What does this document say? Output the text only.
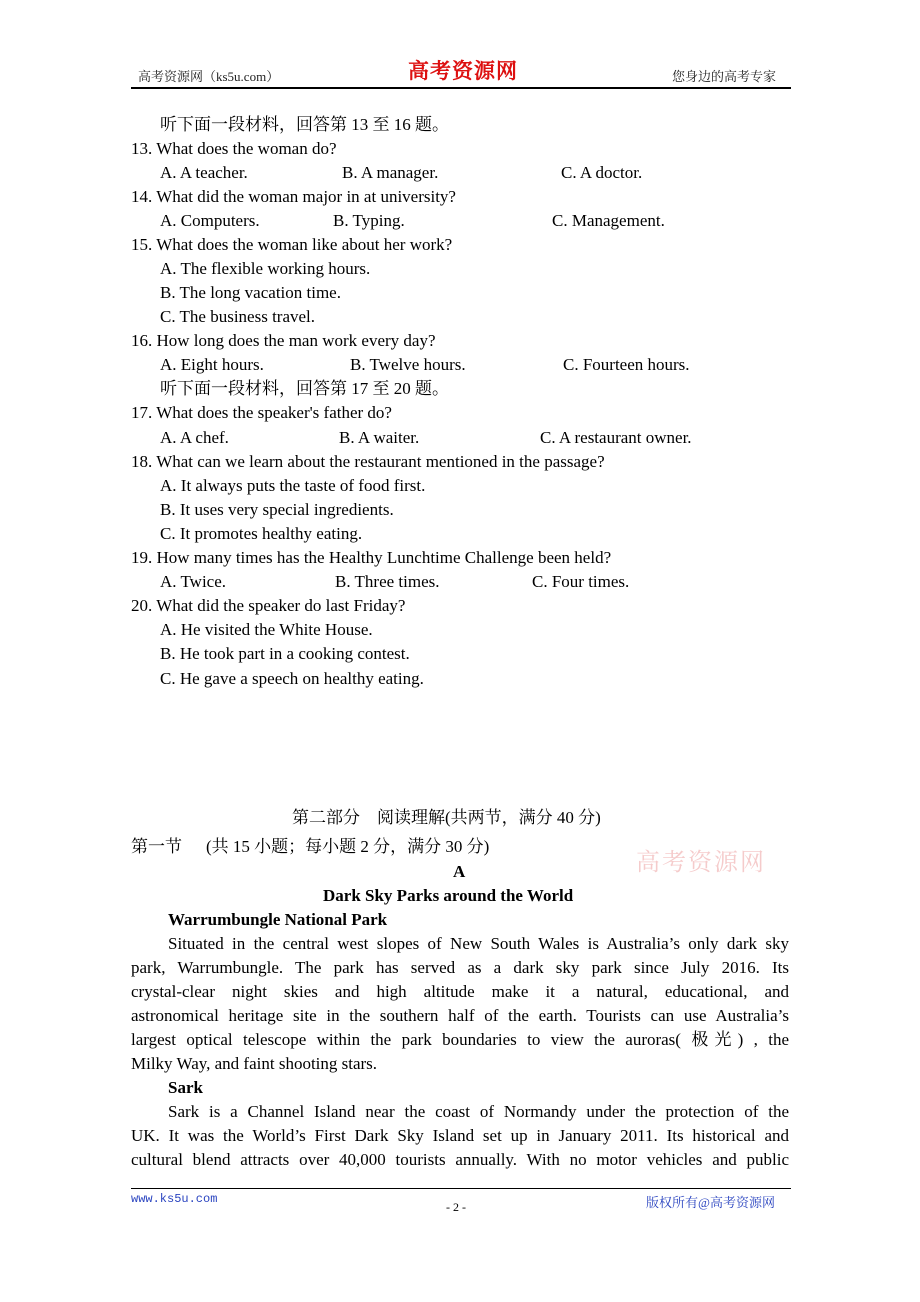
高考资源网（ks5u.com）	高考资源网	您身边的高考专家
听下面一段材料，回答第 13 至 16 题。
13. What does the woman do?
A. A teacher.	B. A manager.	C. A doctor.
14. What did the woman major in at university?
A. Computers.	B. Typing.	C. Management.
15. What does the woman like about her work?
A. The flexible working hours.
B. The long vacation time.
C. The business travel.
16. How long does the man work every day?
A. Eight hours.	B. Twelve hours.	C. Fourteen hours.
听下面一段材料，回答第 17 至 20 题。
17. What does the speaker's father do?
A. A chef.	B. A waiter.	C. A restaurant owner.
18. What can we learn about the restaurant mentioned in the passage?
A. It always puts the taste of food first.
B. It uses very special ingredients.
C. It promotes healthy eating.
19. How many times has the Healthy Lunchtime Challenge been held?
A. Twice.	B. Three times.	C. Four times.
20. What did the speaker do last Friday?
A. He visited the White House.
B. He took part in a cooking contest.
C. He gave a speech on healthy eating.
第二部分　阅读理解(共两节，满分 40 分)
第一节 (共 15 小题；每小题 2 分，满分 30 分)
高考资源网
A
Dark Sky Parks around the World
Warrumbungle National Park
Situated in the central west slopes of New South Wales is Australia’s only dark sky
park, Warrumbungle. The park has served as a dark sky park since July 2016. Its
crystal-clear night skies and high altitude make it a natural, educational, and
astronomical heritage site in the southern half of the earth. Tourists can use Australia’s
largest optical telescope within the park boundaries to view the auroras( 极光) , the
Milky Way, and faint shooting stars.
Sark
Sark is a Channel Island near the coast of Normandy under the protection of the
UK. It was the World’s First Dark Sky Island set up in January 2011. Its historical and
cultural blend attracts over 40,000 tourists annually. With no motor vehicles and public
www.ks5u.com
- 2 -	版权所有@高考资源网
